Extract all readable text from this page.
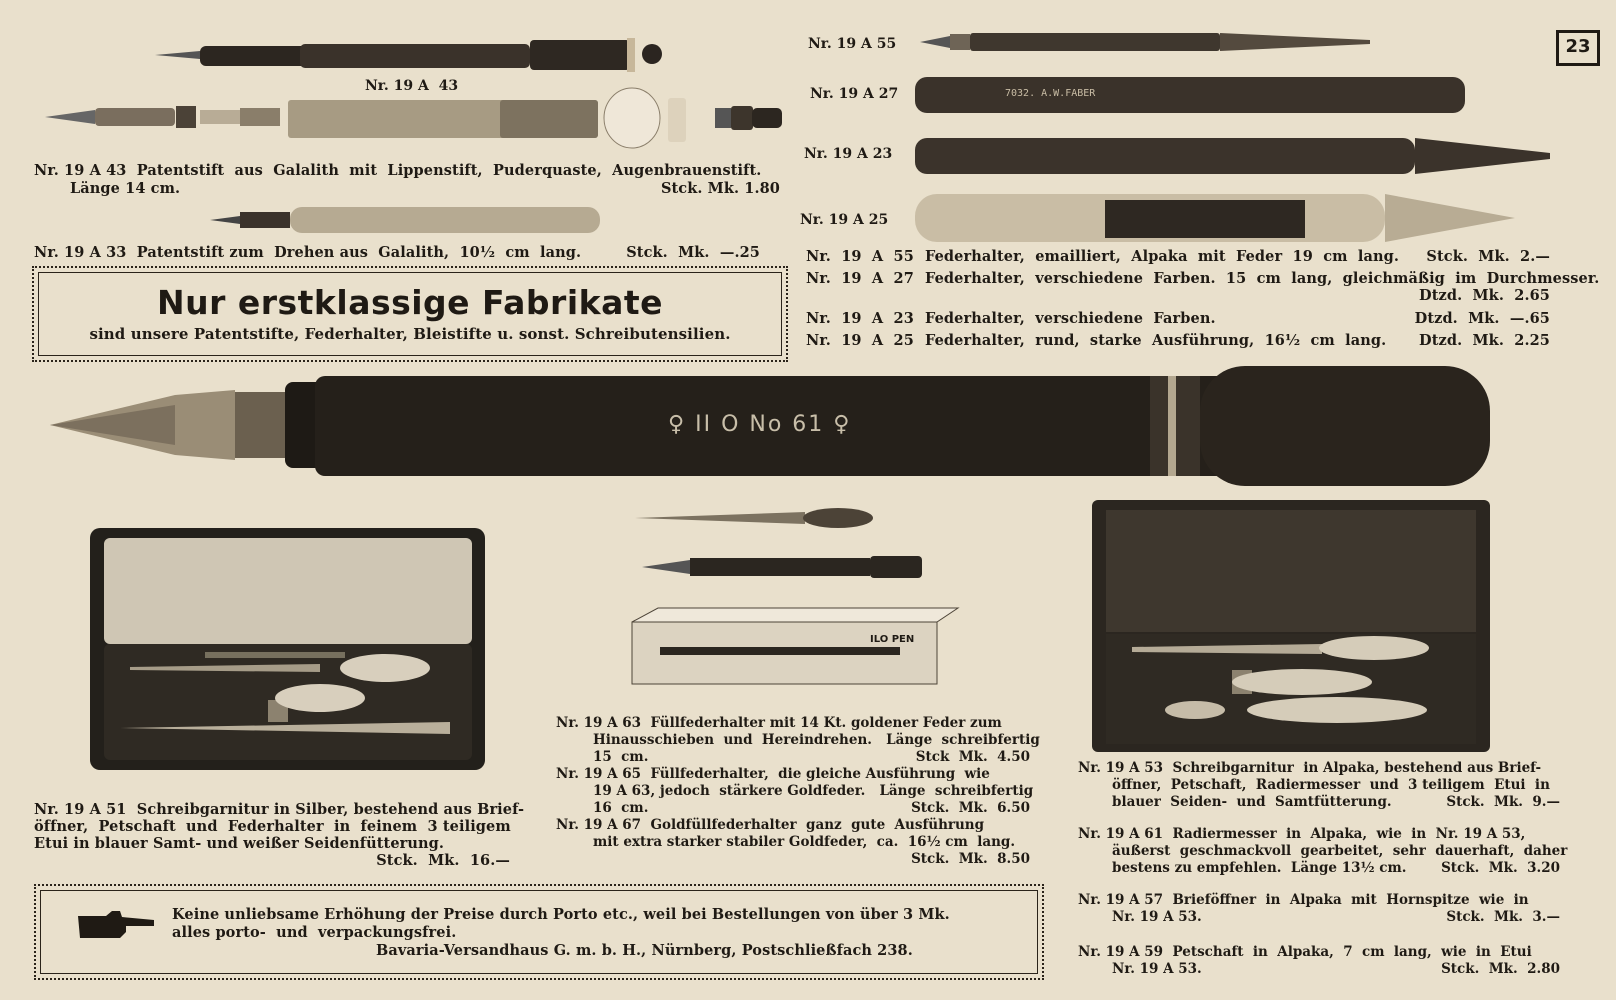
23
Nr. 19 A  43
Nr. 19 A 43  Patentstift  aus  Galalith  mit  Lippenstift,  Puderquaste,  Augenbrauenstift.
Länge 14 cm.	Stck. Mk. 1.80
Nr. 19 A 33  Patentstift zum  Drehen aus  Galalith,  10½  cm  lang.	Stck.  Mk.  —.25
Nur erstklassige Fabrikate
sind unsere Patentstifte, Federhalter, Bleistifte u. sonst. Schreibutensilien.
7032. A.W.FABER
Nr. 19 A 55
Nr. 19 A 27
Nr. 19 A 23
Nr. 19 A 25
Nr.  19  A  55 Federhalter,  emailliert,  Alpaka  mit  Feder  19  cm  lang.	Stck.  Mk.  2.—
Nr.  19  A  27 Federhalter,  verschiedene  Farben.  15  cm  lang,  gleichmäßig  im  Durchmesser.
Dtzd.  Mk.  2.65
Nr.  19  A  23 Federhalter,  verschiedene  Farben.	Dtzd.  Mk.  —.65
Nr.  19  A  25 Federhalter,  rund,  starke  Ausführung,  16½  cm  lang.	Dtzd.  Mk.  2.25
♀ II O No 61 ♀
ILO PEN
Nr. 19 A 51  Schreibgarnitur in Silber, bestehend aus Brief-
öffner,  Petschaft  und  Federhalter  in  feinem  3 teiligem
Etui in blauer Samt- und weißer Seidenfütterung.
Stck.  Mk.  16.—
Nr. 19 A 63  Füllfederhalter mit 14 Kt. goldener Feder zum
Hinausschieben  und  Hereindrehen.   Länge  schreibfertig
15  cm.	Stck  Mk.  4.50
Nr. 19 A 65  Füllfederhalter,  die gleiche Ausführung  wie
19 A 63, jedoch  stärkere Goldfeder.   Länge  schreibfertig
16  cm.	Stck.  Mk.  6.50
Nr. 19 A 67  Goldfüllfederhalter  ganz  gute  Ausführung
mit extra starker stabiler Goldfeder,  ca.  16½ cm  lang.
Stck.  Mk.  8.50
Nr. 19 A 53  Schreibgarnitur  in Alpaka, bestehend aus Brief-
öffner,  Petschaft,  Radiermesser  und  3 teiligem  Etui  in
blauer  Seiden-  und  Samtfütterung.	Stck.  Mk.  9.—
Nr. 19 A 61  Radiermesser  in  Alpaka,  wie  in  Nr. 19 A 53,
äußerst  geschmackvoll  gearbeitet,  sehr  dauerhaft,  daher
bestens zu empfehlen.  Länge 13½ cm.	Stck.  Mk.  3.20
Nr. 19 A 57  Brieföffner  in  Alpaka  mit  Hornspitze  wie  in
Nr. 19 A 53.	Stck.  Mk.  3.—
Nr. 19 A 59  Petschaft  in  Alpaka,  7  cm  lang,  wie  in  Etui
Nr. 19 A 53.	Stck.  Mk.  2.80
Keine unliebsame Erhöhung der Preise durch Porto etc., weil bei Bestellungen von über 3 Mk.
alles porto-  und  verpackungsfrei.
Bavaria-Versandhaus G. m. b. H., Nürnberg, Postschließfach 238.
